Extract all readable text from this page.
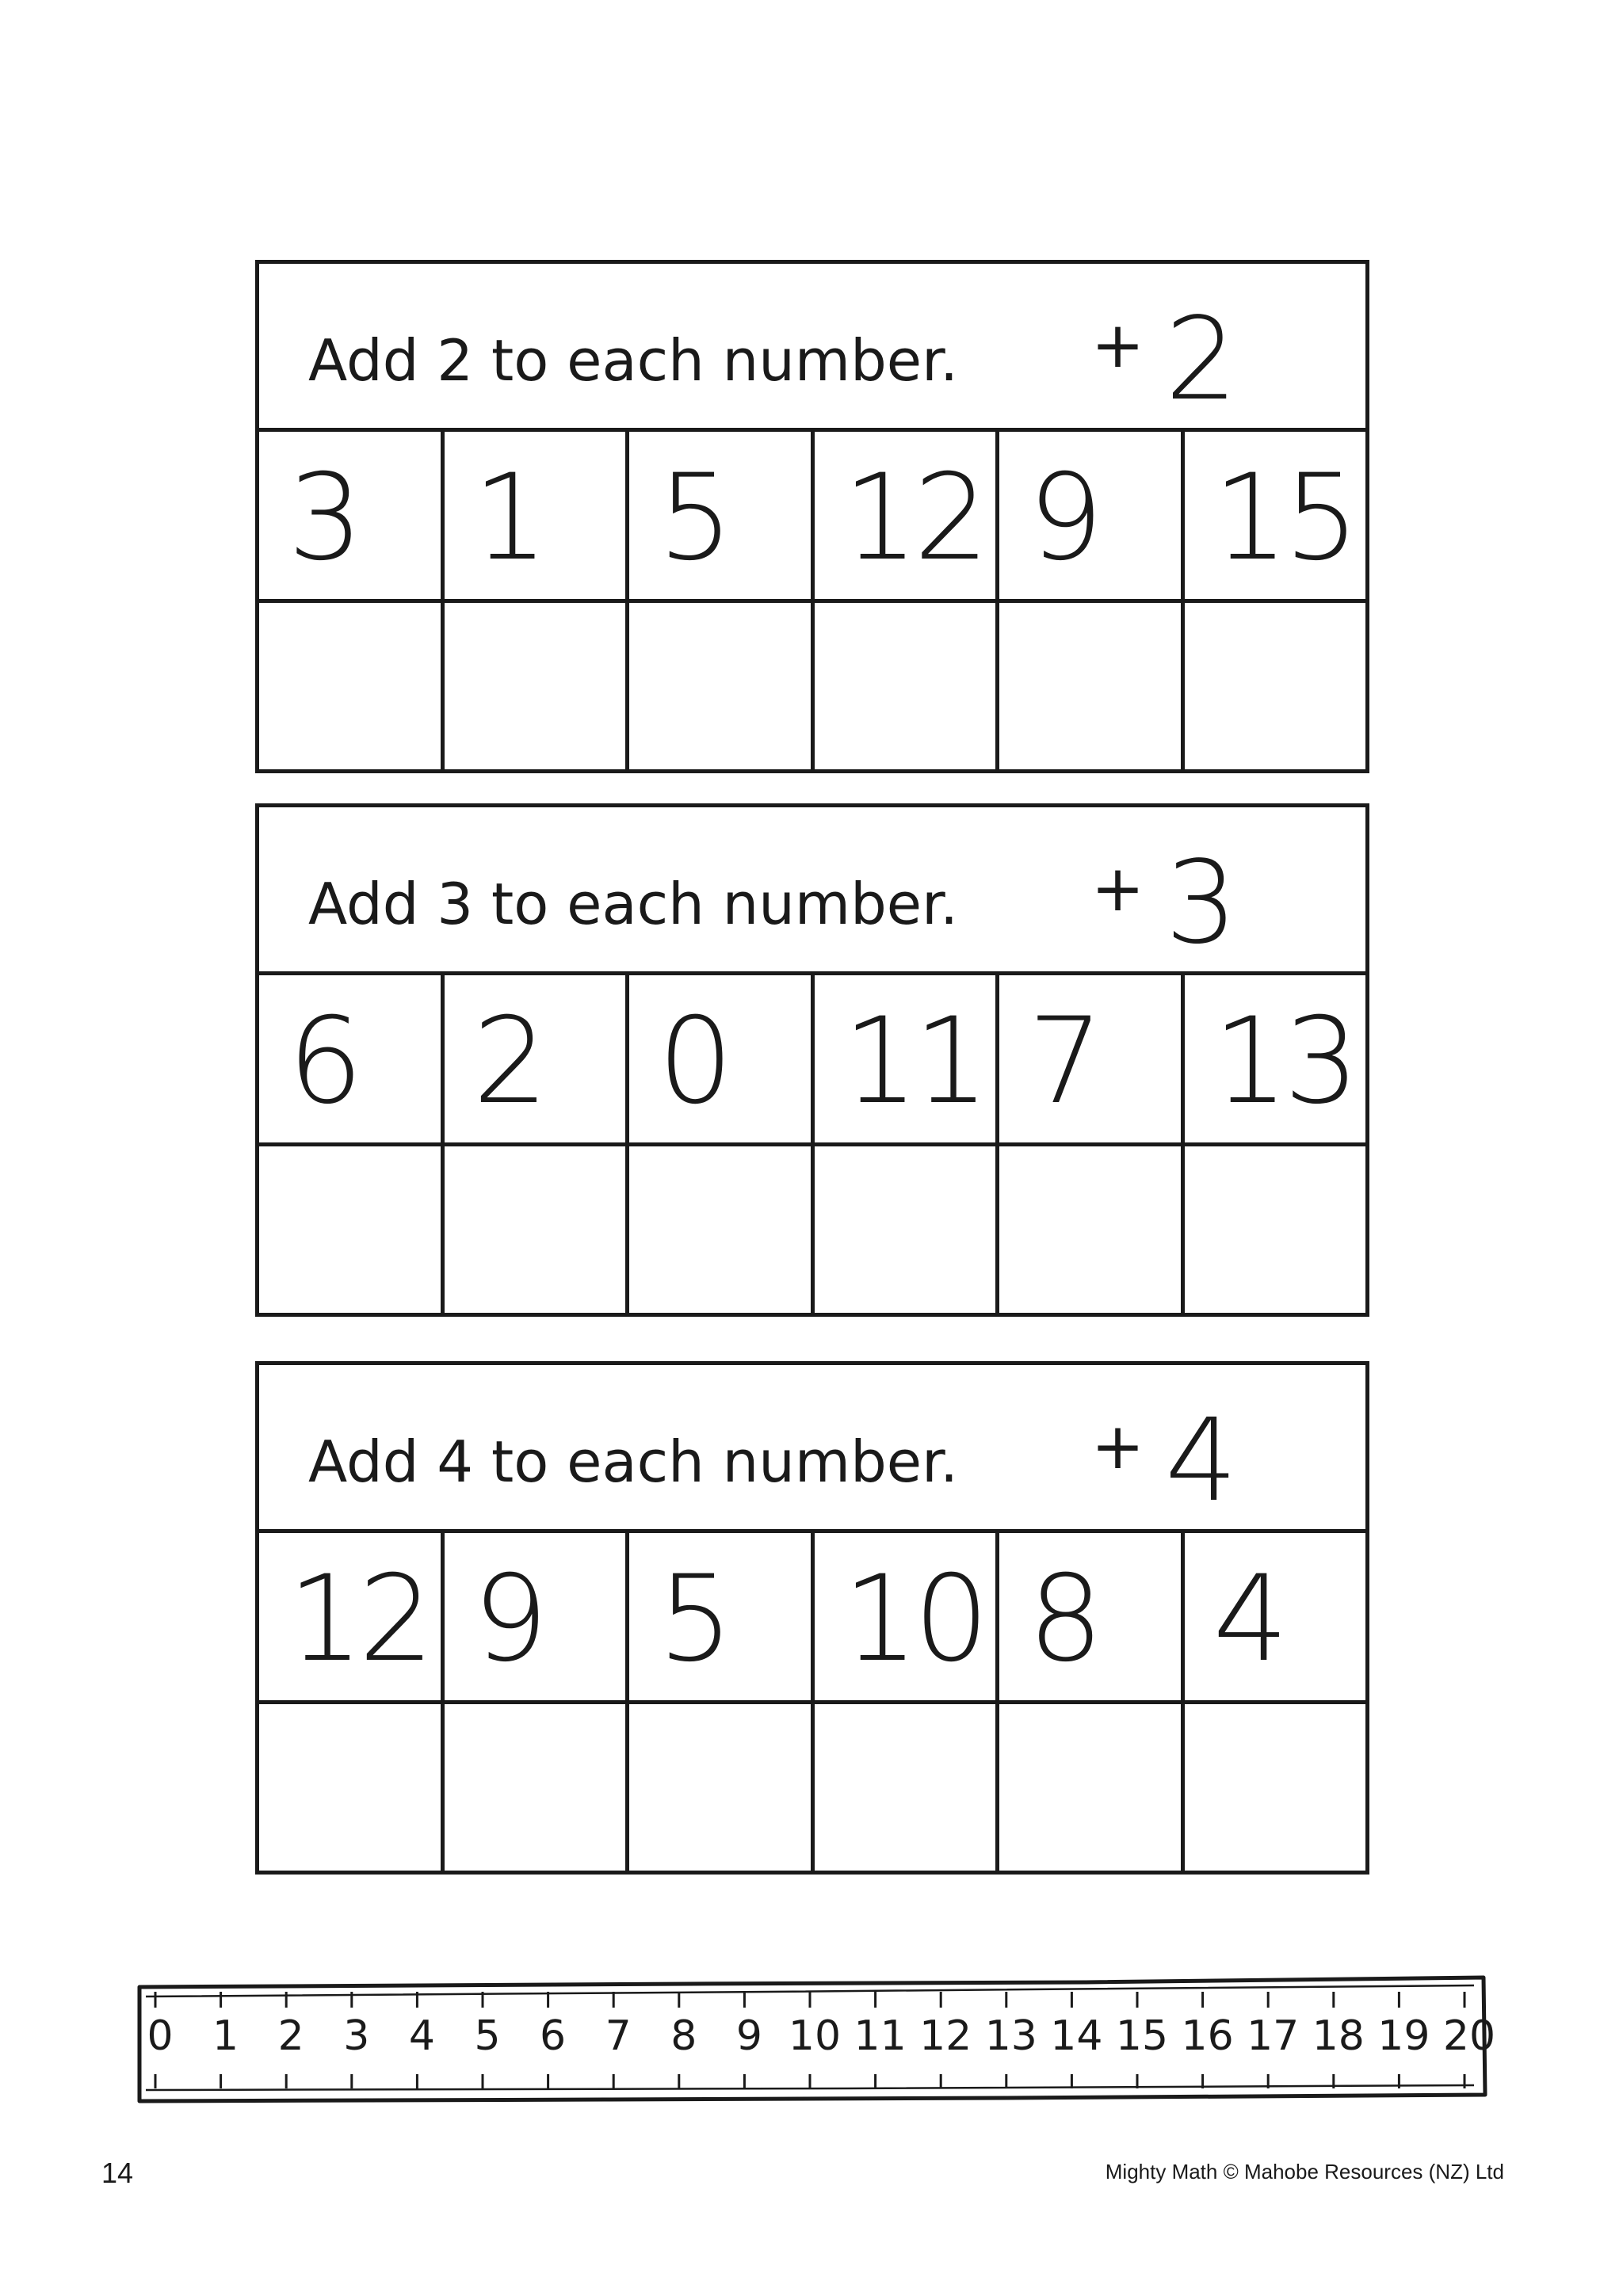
Add 2 to each number. + 2
3 1 5 12 9 15
Add 3 to each number. + 3
6 2 0 11 7 13
Add 4 to each number. + 4
12 9 5 10 8 4
0 1 2 3 4 5 6 7 8 9 10 11 12 13 14 15 16 17 18 19 20
14	Mighty Math © Mahobe Resources (NZ) Ltd
